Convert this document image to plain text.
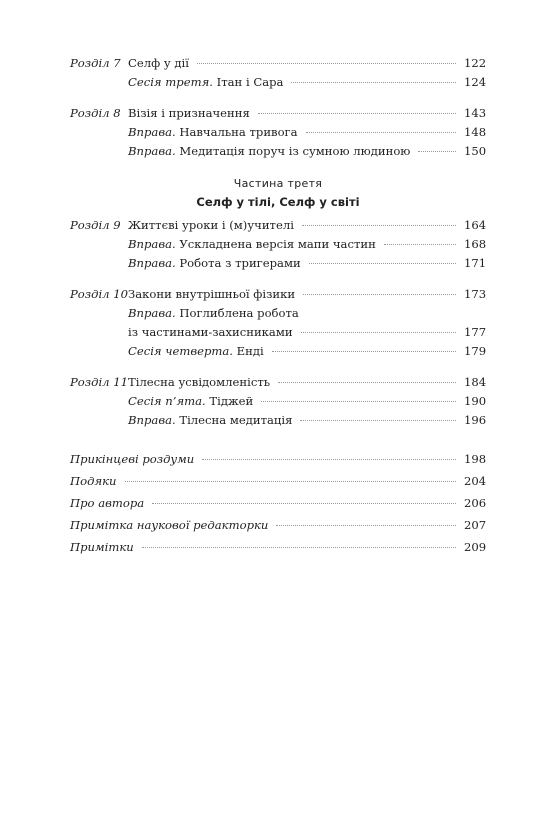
Розділ 7 Селф у дії	122
Сесія третя. Ітан і Сара	124
Розділ 8 Візія і призначення	143
Вправа. Навчальна тривога	148
Вправа. Медитація поруч із сумною людиною	150
Частина третя
Селф у тілі, Селф у світі
Розділ 9 Життєві уроки і (м)учителі	164
Вправа. Ускладнена версія мапи частин	168
Вправа. Робота з тригерами	171
Розділ 10 Закони внутрішньої фізики	173
Вправа. Поглиблена робота
із частинами-захисниками	177
Сесія четверта. Енді	179
Розділ 11 Тілесна усвідомленість	184
Сесія п’ята. Тіджей	190
Вправа. Тілесна медитація	196
Прикінцеві роздуми	198
Подяки	204
Про автора	206
Примітка наукової редакторки	207
Примітки	209
